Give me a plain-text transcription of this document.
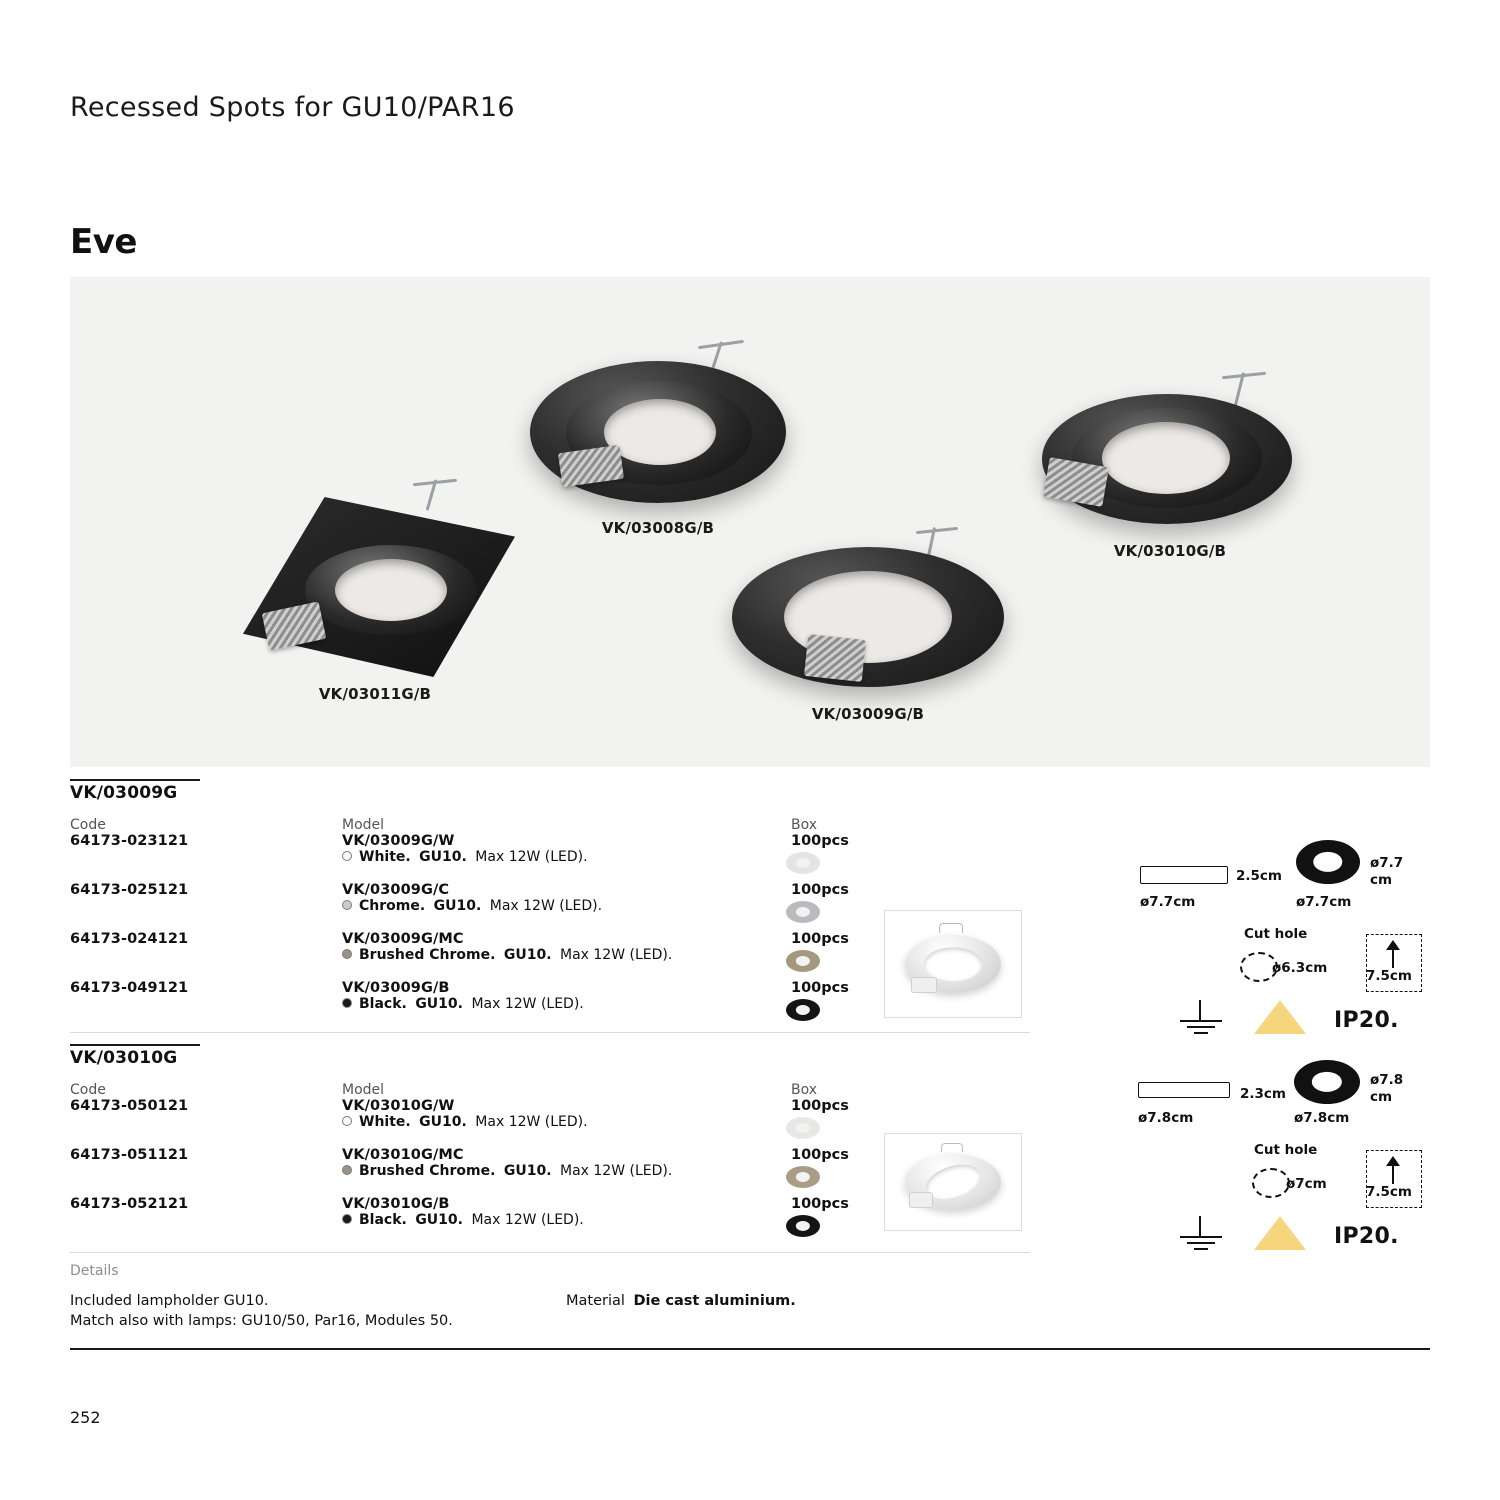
Recessed Spots for GU10/PAR16
Eve
VK/03008G/B
VK/03010G/B
VK/03011G/B
VK/03009G/B
VK/03009G
Code	Model	Box
64173-023121	VK/03009G/W	100pcs
White. GU10. Max 12W (LED).
64173-025121	VK/03009G/C	100pcs
Chrome. GU10. Max 12W (LED).
64173-024121	VK/03009G/MC	100pcs
Brushed Chrome. GU10. Max 12W (LED).
64173-049121	VK/03009G/B	100pcs
Black. GU10. Max 12W (LED).
2.5cm
ø7.7cm
ø7.7
cm
ø7.7cm
Cut hole
ø6.3cm	7.5cm
IP20.
VK/03010G
Code	Model	Box
64173-050121	VK/03010G/W	100pcs
White. GU10. Max 12W (LED).
64173-051121	VK/03010G/MC	100pcs
Brushed Chrome. GU10. Max 12W (LED).
64173-052121	VK/03010G/B	100pcs
Black. GU10. Max 12W (LED).
2.3cm
ø7.8cm
ø7.8
cm
ø7.8cm
Cut hole
ø7cm	7.5cm
IP20.
Details
Included lampholder GU10.
Match also with lamps: GU10/50, Par16, Modules 50.
Material Die cast aluminium.
252
